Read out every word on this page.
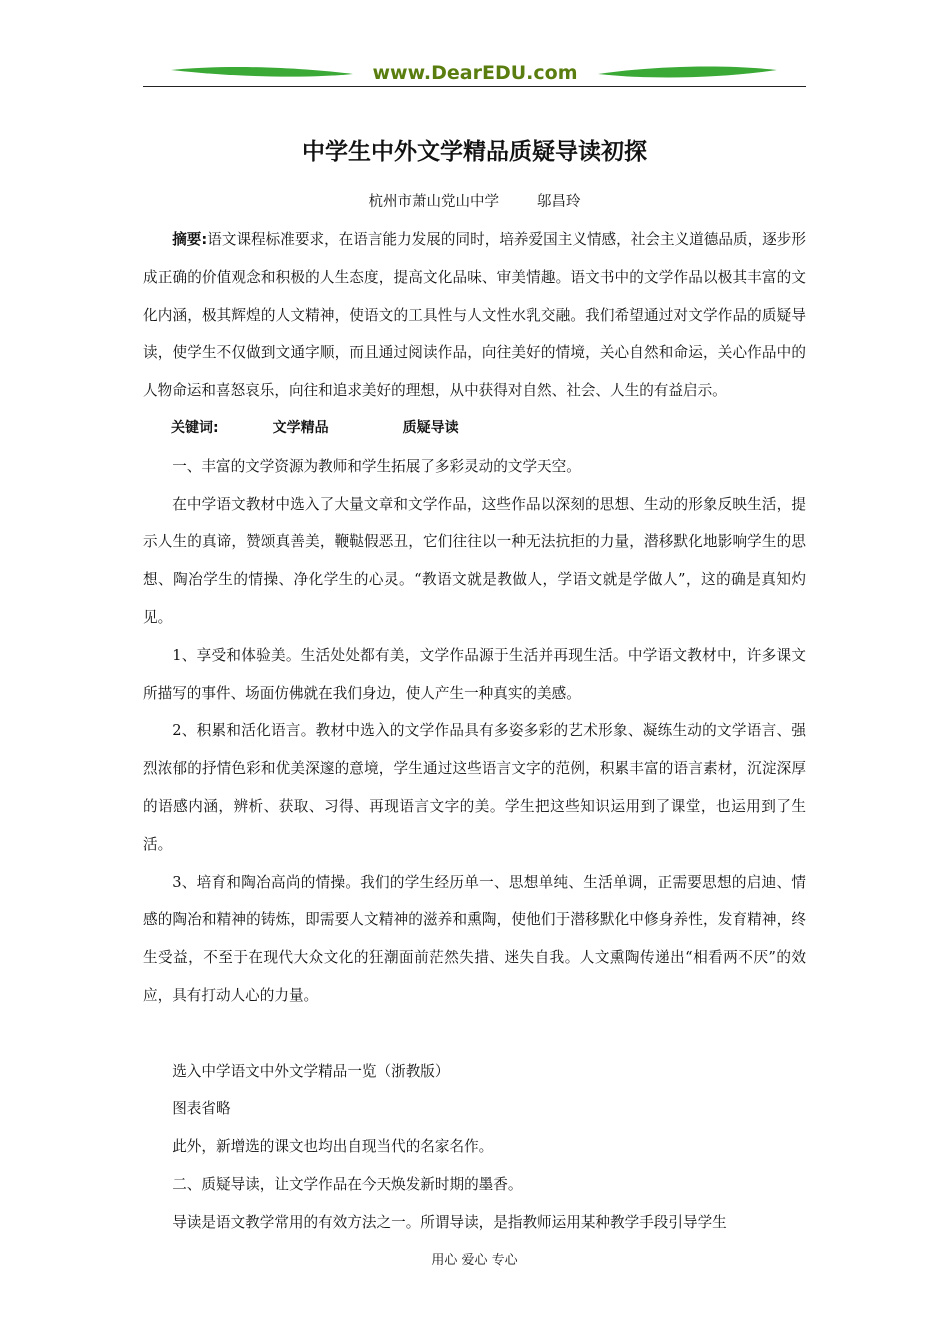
www.DearEDU.com
中学生中外文学精品质疑导读初探
杭州市萧山党山中学	邬昌玲

摘要:语文课程标准要求，在语言能力发展的同时，培养爱国主义情感，社会主义道德品质，逐步形成正确的价值观念和积极的人生态度，提高文化品味、审美情趣。语文书中的文学作品以极其丰富的文化内涵，极其辉煌的人文精神，使语文的工具性与人文性水乳交融。我们希望通过对文学作品的质疑导读，使学生不仅做到文通字顺，而且通过阅读作品，向往美好的情境，关心自然和命运，关心作品中的人物命运和喜怒哀乐，向往和追求美好的理想，从中获得对自然、社会、人生的有益启示。

关键词:	文学精品	质疑导读

一、丰富的文学资源为教师和学生拓展了多彩灵动的文学天空。

在中学语文教材中选入了大量文章和文学作品，这些作品以深刻的思想、生动的形象反映生活，提示人生的真谛，赞颂真善美，鞭鞑假恶丑，它们往往以一种无法抗拒的力量，潜移默化地影响学生的思想、陶冶学生的情操、净化学生的心灵。“教语文就是教做人，学语文就是学做人”，这的确是真知灼见。

1、享受和体验美。生活处处都有美，文学作品源于生活并再现生活。中学语文教材中，许多课文所描写的事件、场面仿佛就在我们身边，使人产生一种真实的美感。

2、积累和活化语言。教材中选入的文学作品具有多姿多彩的艺术形象、凝练生动的文学语言、强烈浓郁的抒情色彩和优美深邃的意境，学生通过这些语言文字的范例，积累丰富的语言素材，沉淀深厚的语感内涵，辨析、获取、习得、再现语言文字的美。学生把这些知识运用到了课堂，也运用到了生活。

3、培育和陶冶高尚的情操。我们的学生经历单一、思想单纯、生活单调，正需要思想的启迪、情感的陶冶和精神的铸炼，即需要人文精神的滋养和熏陶，使他们于潜移默化中修身养性，发育精神，终生受益，不至于在现代大众文化的狂潮面前茫然失措、迷失自我。人文熏陶传递出“相看两不厌”的效应，具有打动人心的力量。

选入中学语文中外文学精品一览（浙教版）

图表省略

此外，新增选的课文也均出自现当代的名家名作。

二、质疑导读，让文学作品在今天焕发新时期的墨香。

导读是语文教学常用的有效方法之一。所谓导读，是指教师运用某种教学手段引导学生

用心 爱心 专心
